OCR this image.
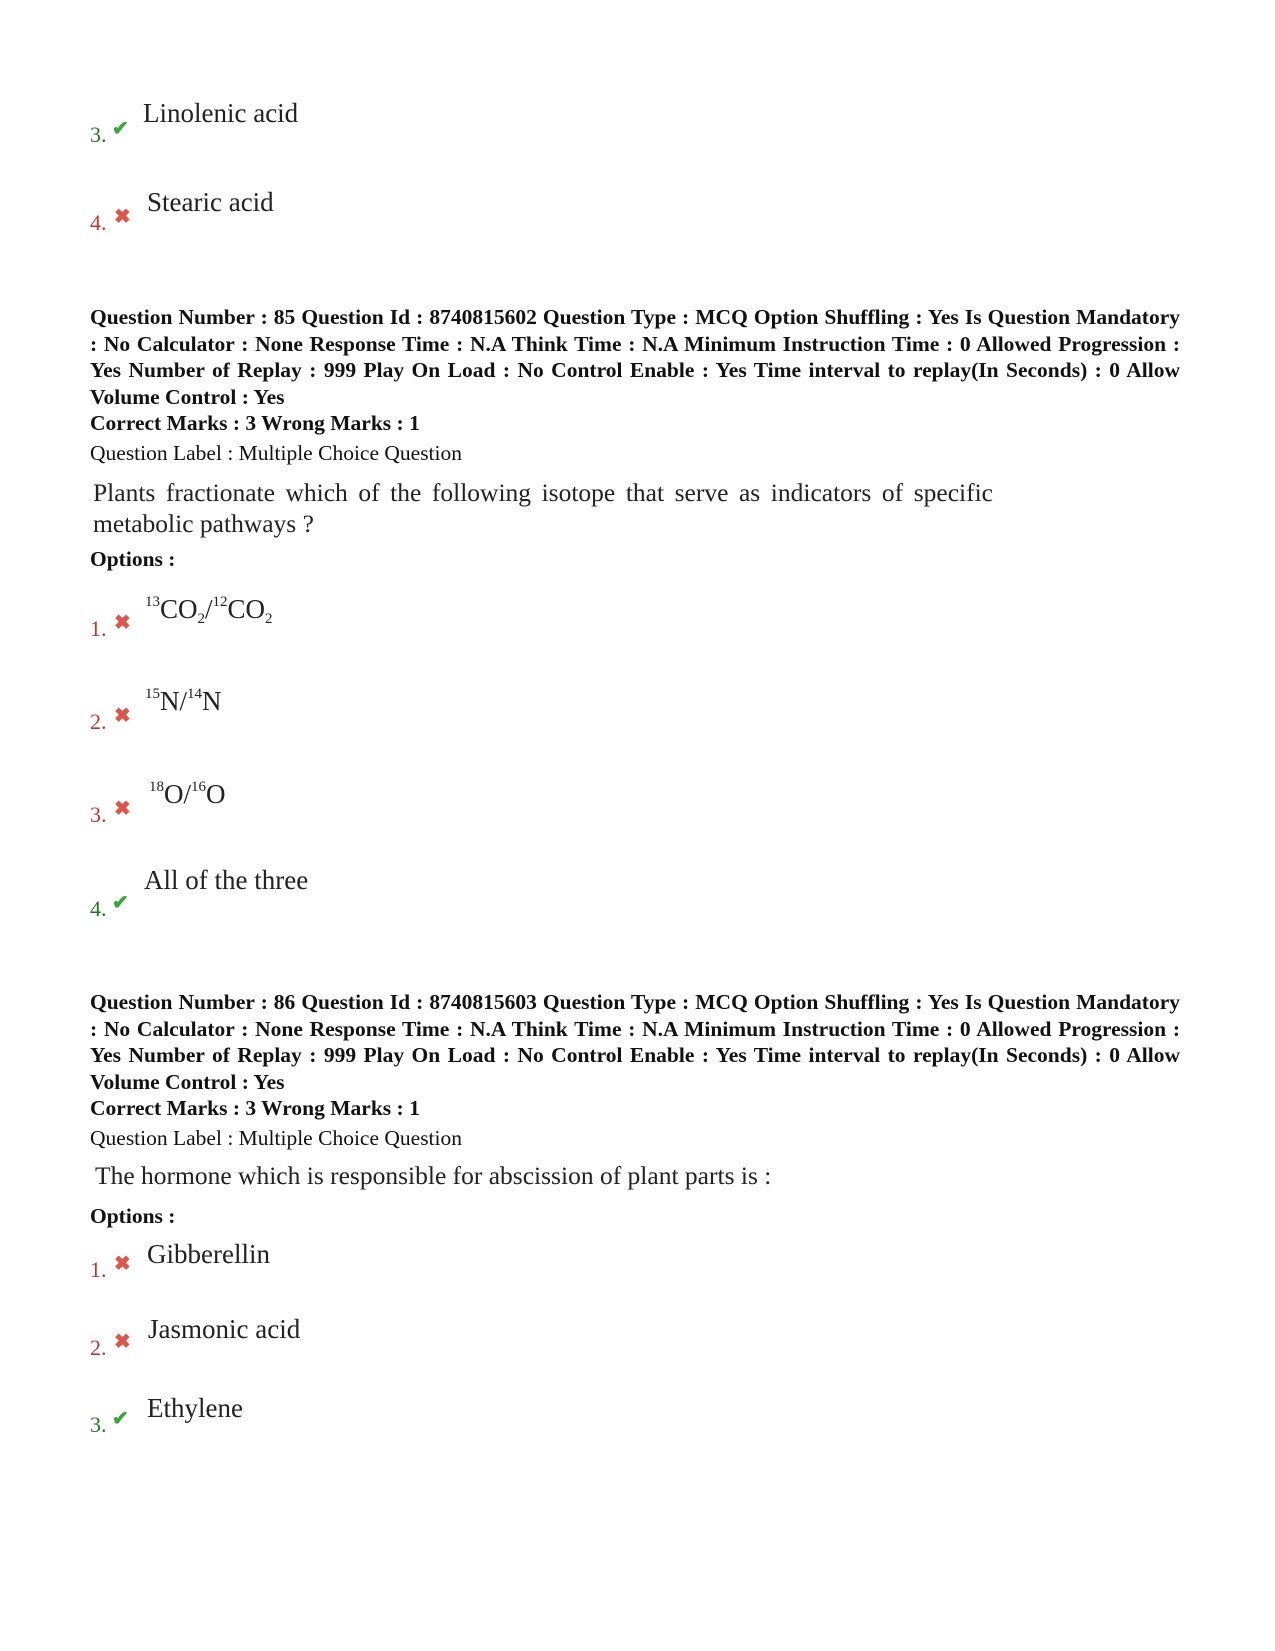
3. ✔
Linolenic acid
4. ✖ Stearic acid
Question Number : 85 Question Id : 8740815602 Question Type : MCQ Option Shuffling : Yes Is Question Mandatory : No Calculator : None Response Time : N.A Think Time : N.A Minimum Instruction Time : 0 Allowed Progression : Yes Number of Replay : 999 Play On Load : No Control Enable : Yes Time interval to replay(In Seconds) : 0 Allow Volume Control : Yes
Correct Marks : 3 Wrong Marks : 1
Question Label : Multiple Choice Question
Plants fractionate which of the following isotope that serve as indicators of specific
metabolic pathways ?
Options :
1. ✖
$^{13}CO_2/^{12}CO_2$
2. ✖
$^{15}$N/$^{14}$N
3. ✖
$^{18}$O/$^{16}$O
4. ✔
All of the three
Question Number : 86 Question Id : 8740815603 Question Type : MCQ Option Shuffling : Yes Is Question Mandatory : No Calculator : None Response Time : N.A Think Time : N.A Minimum Instruction Time : 0 Allowed Progression : Yes Number of Replay : 999 Play On Load : No Control Enable : Yes Time interval to replay(In Seconds) : 0 Allow Volume Control : Yes
Correct Marks : 3 Wrong Marks : 1
Question Label : Multiple Choice Question
The hormone which is responsible for abscission of plant parts is :
Options :
1. ✖ Gibberellin
2. ✖ Jasmonic acid
3. ✔ Ethylene
